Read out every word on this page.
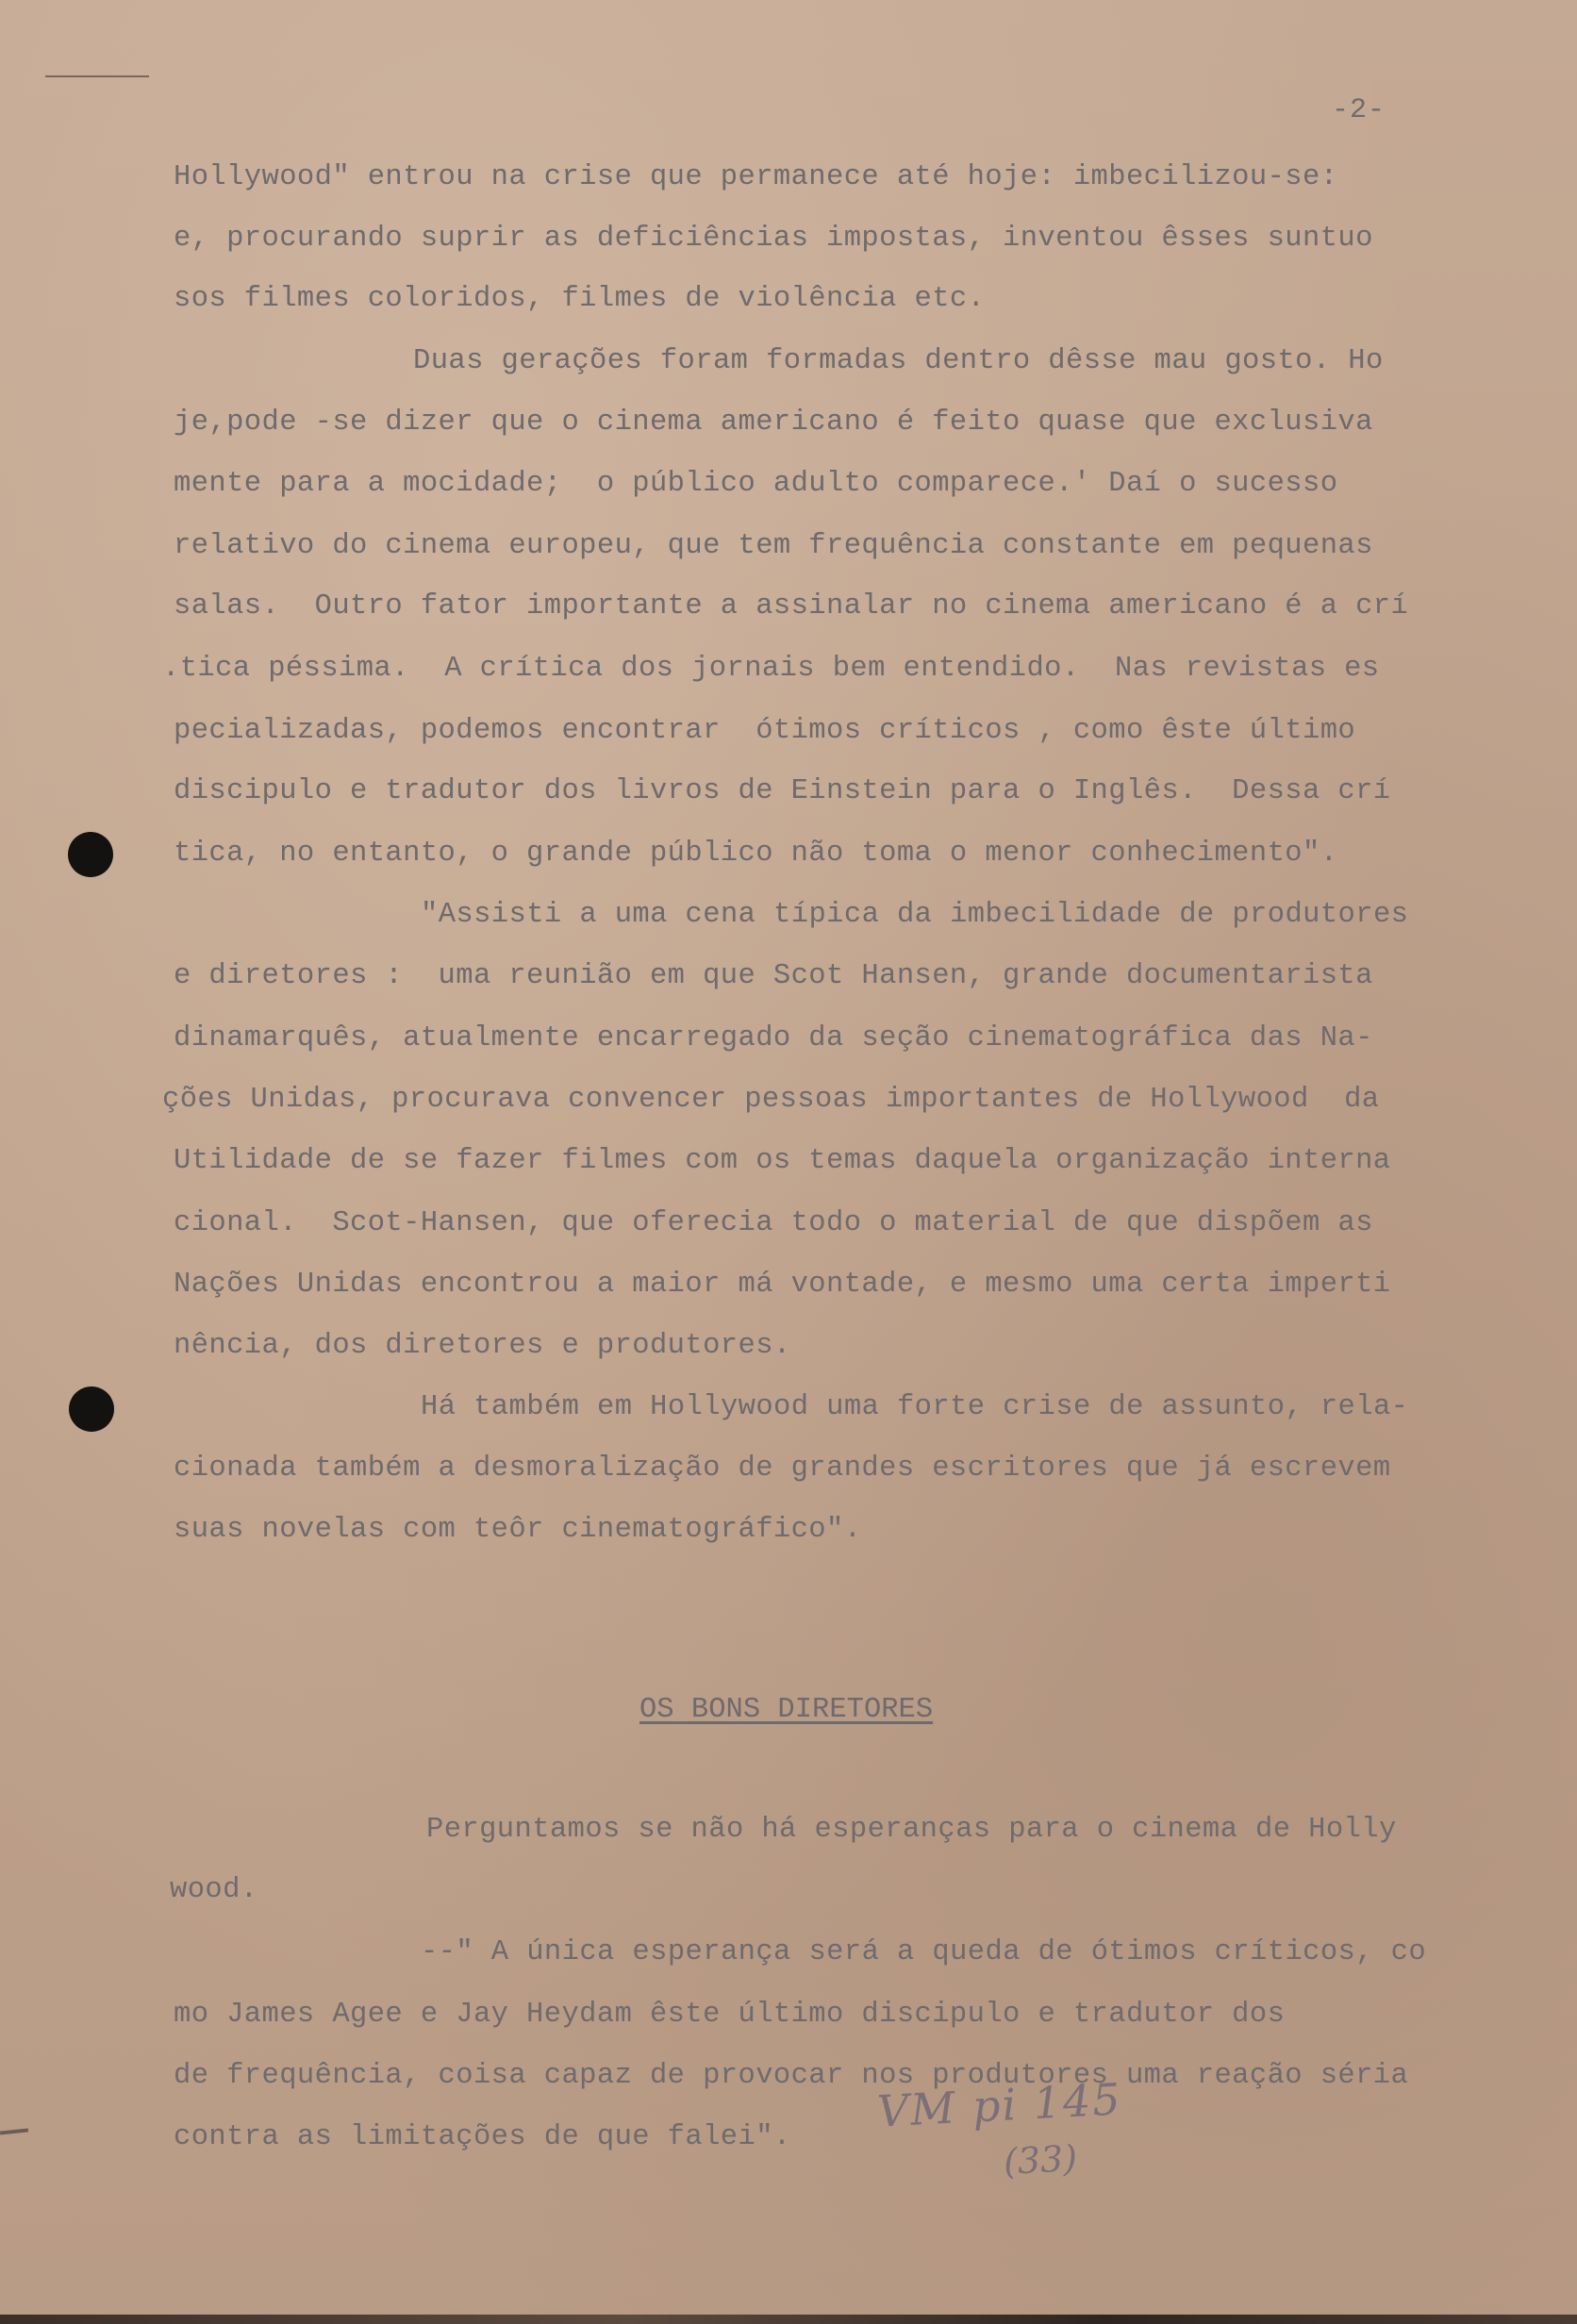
-2-
Hollywood" entrou na crise que permanece até hoje: imbecilizou-se:
e, procurando suprir as deficiências impostas, inventou êsses suntuo
sos filmes coloridos, filmes de violência etc.
Duas gerações foram formadas dentro dêsse mau gosto. Ho
je,pode -se dizer que o cinema americano é feito quase que exclusiva
mente para a mocidade;  o público adulto comparece.' Daí o sucesso
relativo do cinema europeu, que tem frequência constante em pequenas
salas.  Outro fator importante a assinalar no cinema americano é a crí
.tica péssima.  A crítica dos jornais bem entendido.  Nas revistas es
pecializadas, podemos encontrar  ótimos críticos , como êste último
discipulo e tradutor dos livros de Einstein para o Inglês.  Dessa crí
tica, no entanto, o grande público não toma o menor conhecimento".
"Assisti a uma cena típica da imbecilidade de produtores
e diretores :  uma reunião em que Scot Hansen, grande documentarista
dinamarquês, atualmente encarregado da seção cinematográfica das Na-
ções Unidas, procurava convencer pessoas importantes de Hollywood  da
Utilidade de se fazer filmes com os temas daquela organização interna
cional.  Scot-Hansen, que oferecia todo o material de que dispõem as
Nações Unidas encontrou a maior má vontade, e mesmo uma certa imperti
nência, dos diretores e produtores.
Há também em Hollywood uma forte crise de assunto, rela-
cionada também a desmoralização de grandes escritores que já escrevem
suas novelas com teôr cinematográfico".
OS BONS DIRETORES
Perguntamos se não há esperanças para o cinema de Holly
wood.
--" A única esperança será a queda de ótimos críticos, co
mo James Agee e Jay Heydam êste último discipulo e tradutor dos
de frequência, coisa capaz de provocar nos produtores uma reação séria
contra as limitações de que falei".
VM pi 145
(33)
